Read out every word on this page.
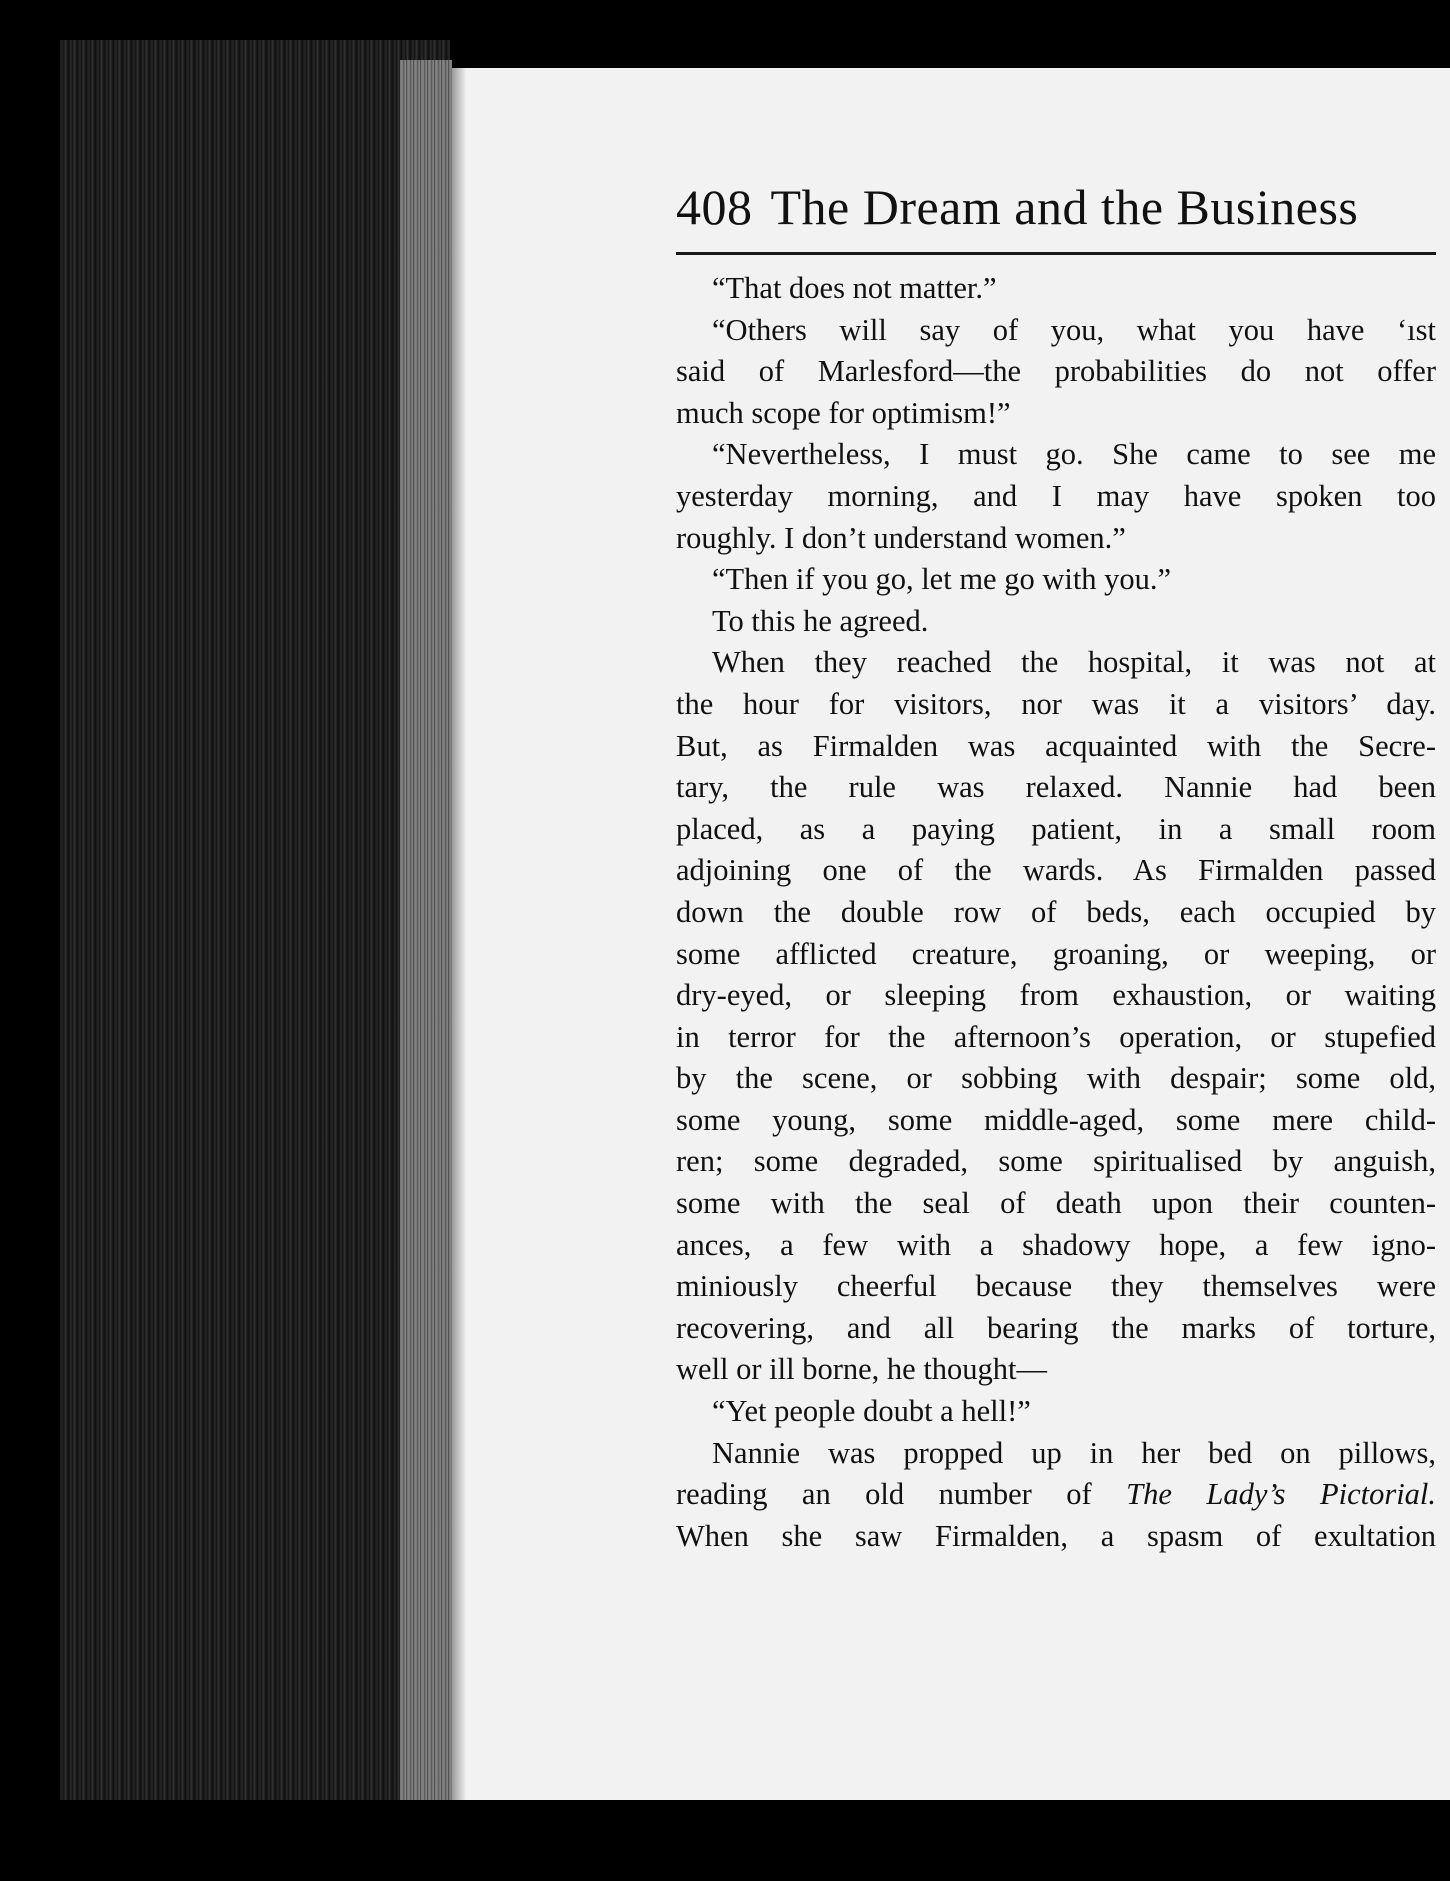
408 The Dream and the Business
“That does not matter.”
“Others will say of you, what you have ‘ıst
said of Marlesford—the probabilities do not offer
much scope for optimism!”
“Nevertheless, I must go. She came to see me
yesterday morning, and I may have spoken too
roughly. I don’t understand women.”
“Then if you go, let me go with you.”
To this he agreed.
When they reached the hospital, it was not at
the hour for visitors, nor was it a visitors’ day.
But, as Firmalden was acquainted with the Secre-
tary, the rule was relaxed. Nannie had been
placed, as a paying patient, in a small room
adjoining one of the wards. As Firmalden passed
down the double row of beds, each occupied by
some afflicted creature, groaning, or weeping, or
dry-eyed, or sleeping from exhaustion, or waiting
in terror for the afternoon’s operation, or stupefied
by the scene, or sobbing with despair; some old,
some young, some middle-aged, some mere child-
ren; some degraded, some spiritualised by anguish,
some with the seal of death upon their counten-
ances, a few with a shadowy hope, a few igno-
miniously cheerful because they themselves were
recovering, and all bearing the marks of torture,
well or ill borne, he thought—
“Yet people doubt a hell!”
Nannie was propped up in her bed on pillows,
reading an old number of The Lady’s Pictorial.
When she saw Firmalden, a spasm of exultation
